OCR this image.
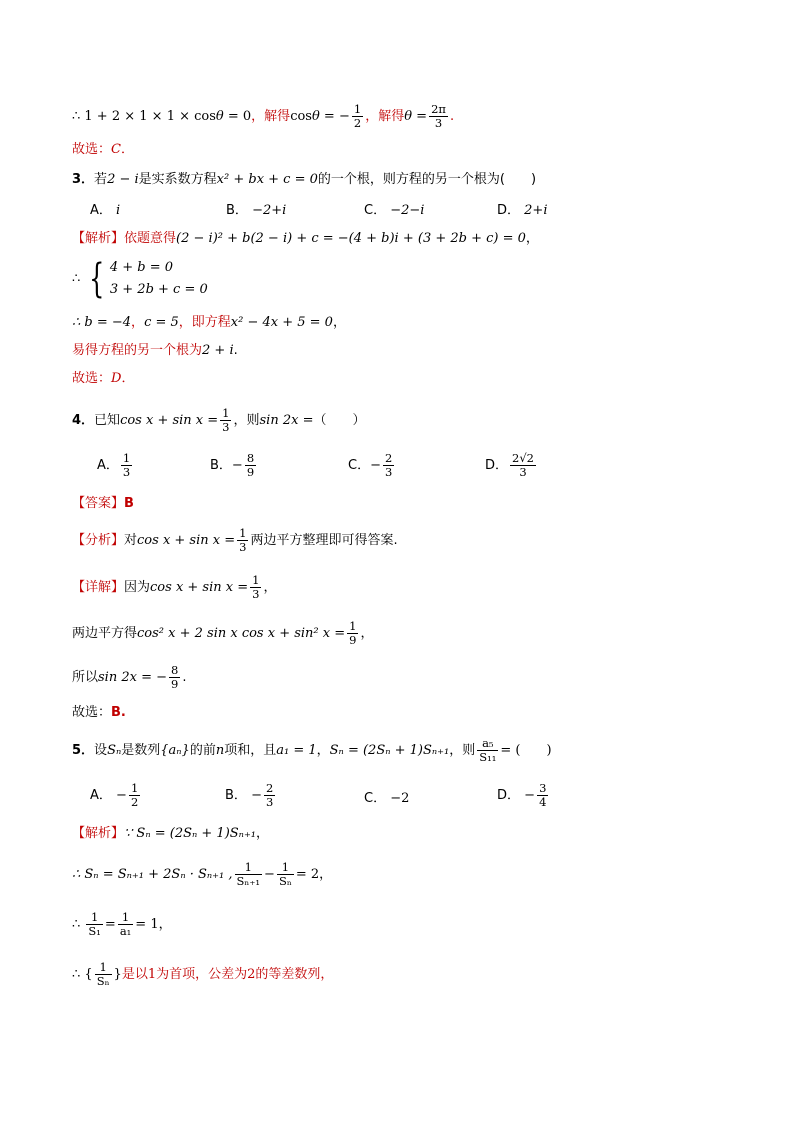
∴ 1 + 2 × 1 × 1 × cosθ = 0，解得cosθ = − $\frac{1}{2}$ ，解得$\theta = \frac{2\pi}{3}$ .
故选：C．
3．若2 − i是实系数方程x² + bx + c = 0的一个根，则方程的另一个根为(　　)
A． i	B． −2+i	C． −2−i	D． 2+i
【解析】依题意得(2 − i)² + b(2 − i) + c = −(4 + b)i + (3 + 2b + c) = 0，
∴ { 4 + b = 0
3 + 2b + c = 0
∴ b = −4，c = 5，即方程x² − 4x + 5 = 0，
易得方程的另一个根为2 + i.
故选：D．
4．已知$\cos x + \sin x = \frac{1}{3}$ ，则sin 2x =（　　）
A． $\frac{1}{3}$	B．− $\frac{8}{9}$	C．− $\frac{2}{3}$	D． $\frac{2√2}{3}$
【答案】B
【分析】对$\cos x + \sin x = \frac{1}{3}$ 两边平方整理即可得答案.
【详解】因为$\cos x + \sin x = \frac{1}{3}$ ，
两边平方得cos² x + 2 sin x cos x + sin² $x = \frac{1}{9}$ ，
所以sin 2x = − $\frac{8}{9}$ .
故选：B.
5．设Sₙ是数列{aₙ}的前n项和，且a₁ = 1，Sₙ = (2Sₙ + 1)Sₙ₊₁，则 $\frac{\text{a₅}}{\text{S₁₁}}$ = (　　)
A． − $\frac{1}{2}$	B． − $\frac{2}{3}$	C． −2	D． − $\frac{3}{4}$
【解析】∵ Sₙ = (2Sₙ + 1)Sₙ₊₁，
∴ Sₙ = Sₙ₊₁ + 2Sₙ · Sₙ₊₁ , $\frac{1}{\text{Sₙ₊₁}} - \frac{1}{\text{Sₙ}} = 2$，
∴ $\frac{1}{\text{S₁}} = \frac{1}{\text{a₁}} = 1$，
∴ { $\frac{1}{\text{Sₙ}}$ }是以1为首项，公差为2的等差数列，
